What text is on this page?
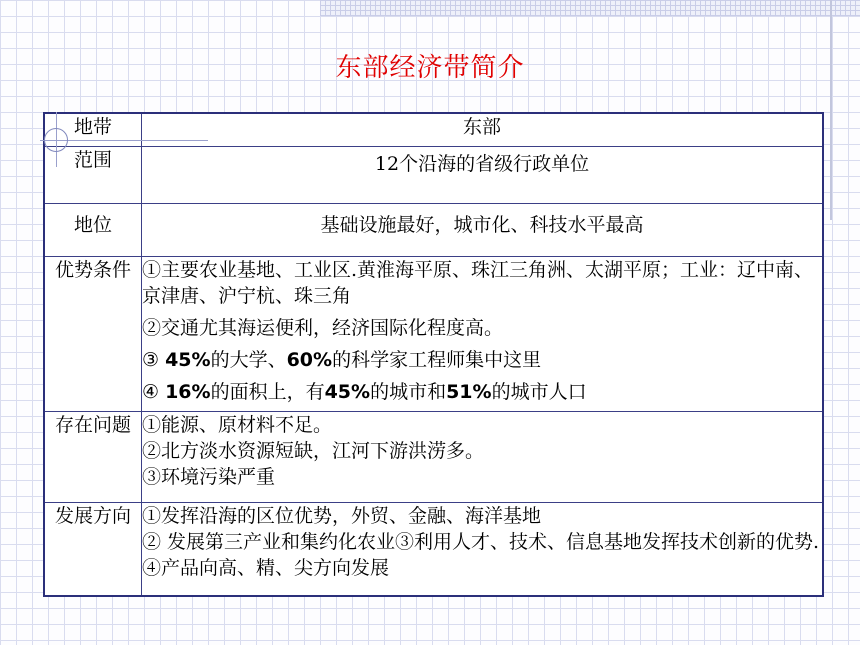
东部经济带简介
地带	东部
范围	12个沿海的省级行政单位
地位	基础设施最好，城市化、科技水平最高
优势条件	①主要农业基地、工业区.黄淮海平原、珠江三角洲、太湖平原；工业：辽中南、京津唐、沪宁杭、珠三角
②交通尤其海运便利，经济国际化程度高。
③ 45%的大学、60%的科学家工程师集中这里
④ 16%的面积上，有45%的城市和51%的城市人口

存在问题	①能源、原材料不足。
②北方淡水资源短缺，江河下游洪涝多。
③环境污染严重

发展方向	①发挥沿海的区位优势，外贸、金融、海洋基地
② 发展第三产业和集约化农业③利用人才、技术、信息基地发挥技术创新的优势. ④产品向高、精、尖方向发展
